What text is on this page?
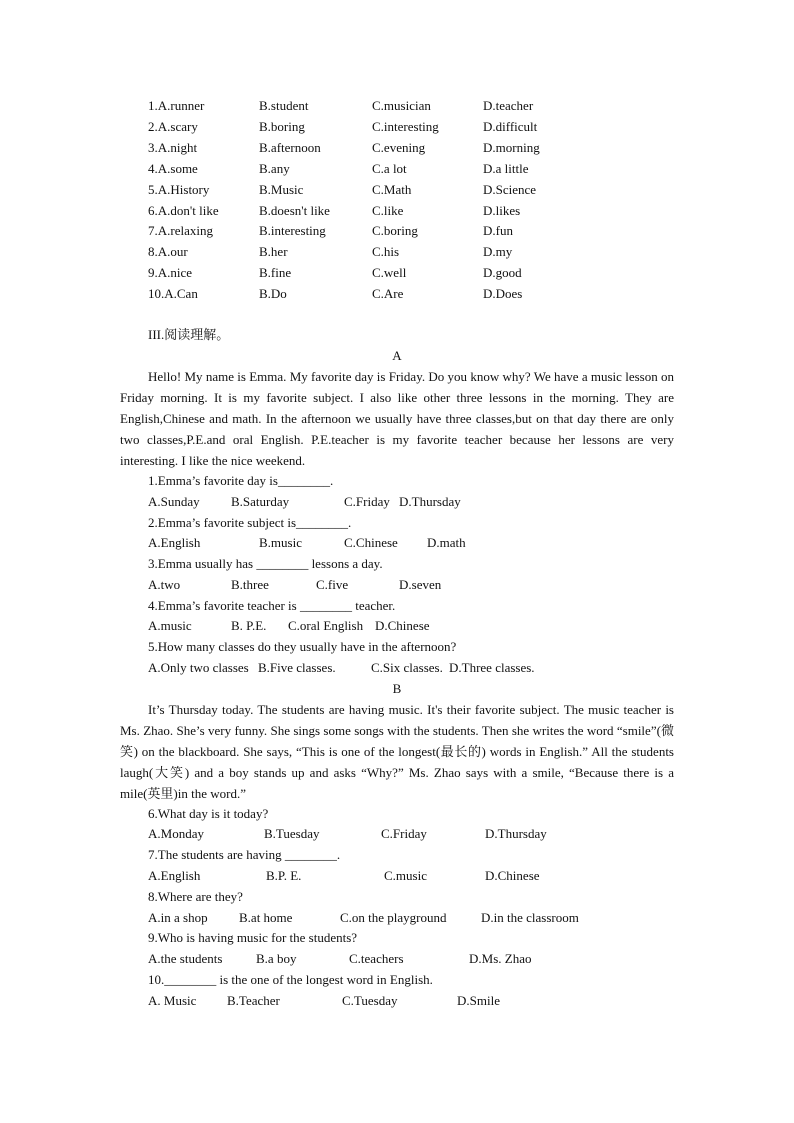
1.A.runner	B.student	C.musician	D.teacher
2.A.scary	B.boring	C.interesting	D.difficult
3.A.night	B.afternoon	C.evening	D.morning
4.A.some	B.any	C.a lot	D.a little
5.A.History	B.Music	C.Math	D.Science
6.A.don't like	B.doesn't like	C.like	D.likes
7.A.relaxing	B.interesting	C.boring	D.fun
8.A.our	B.her	C.his	D.my
9.A.nice	B.fine	C.well	D.good
10.A.Can	B.Do	C.Are	D.Does
III.阅读理解。
A
Hello! My name is Emma. My favorite day is Friday. Do you know why? We have a music lesson on Friday morning. It is my favorite subject. I also like other three lessons in the morning. They are English,Chinese and math. In the afternoon we usually have three classes,but on that day there are only two classes,P.E.and oral English. P.E.teacher is my favorite teacher because her lessons are very interesting. I like the nice weekend.
1.Emma’s favorite day is________.
A.Sunday B.Saturday	C.Friday D.Thursday
2.Emma’s favorite subject is________.
A.English	B.music	C.Chinese D.math
3.Emma usually has ________ lessons a day.
A.two	B.three	C.five	D.seven
4.Emma’s favorite teacher is ________ teacher.
A.music	B. P.E. C.oral English D.Chinese
5.How many classes do they usually have in the afternoon?
A.Only two classes B.Five classes.	C.Six classes. D.Three classes.
B
It’s Thursday today. The students are having music. It's their favorite subject. The music teacher is Ms. Zhao. She’s very funny. She sings some songs with the students. Then she writes the word “smile”(微笑) on the blackboard. She says, “This is one of the longest(最长的) words in English.” All the students laugh(大笑) and a boy stands up and asks “Why?” Ms. Zhao says with a smile, “Because there is a mile(英里)in the word.”
6.What day is it today?
A.Monday	B.Tuesday	C.Friday	D.Thursday
7.The students are having ________.
A.English	B.P. E.	C.music	D.Chinese
8.Where are they?
A.in a shop B.at home	C.on the playground	D.in the classroom
9.Who is having music for the students?
A.the students	B.a boy	C.teachers	D.Ms. Zhao
10.________ is the one of the longest word in English.
A. Music B.Teacher	C.Tuesday	D.Smile
